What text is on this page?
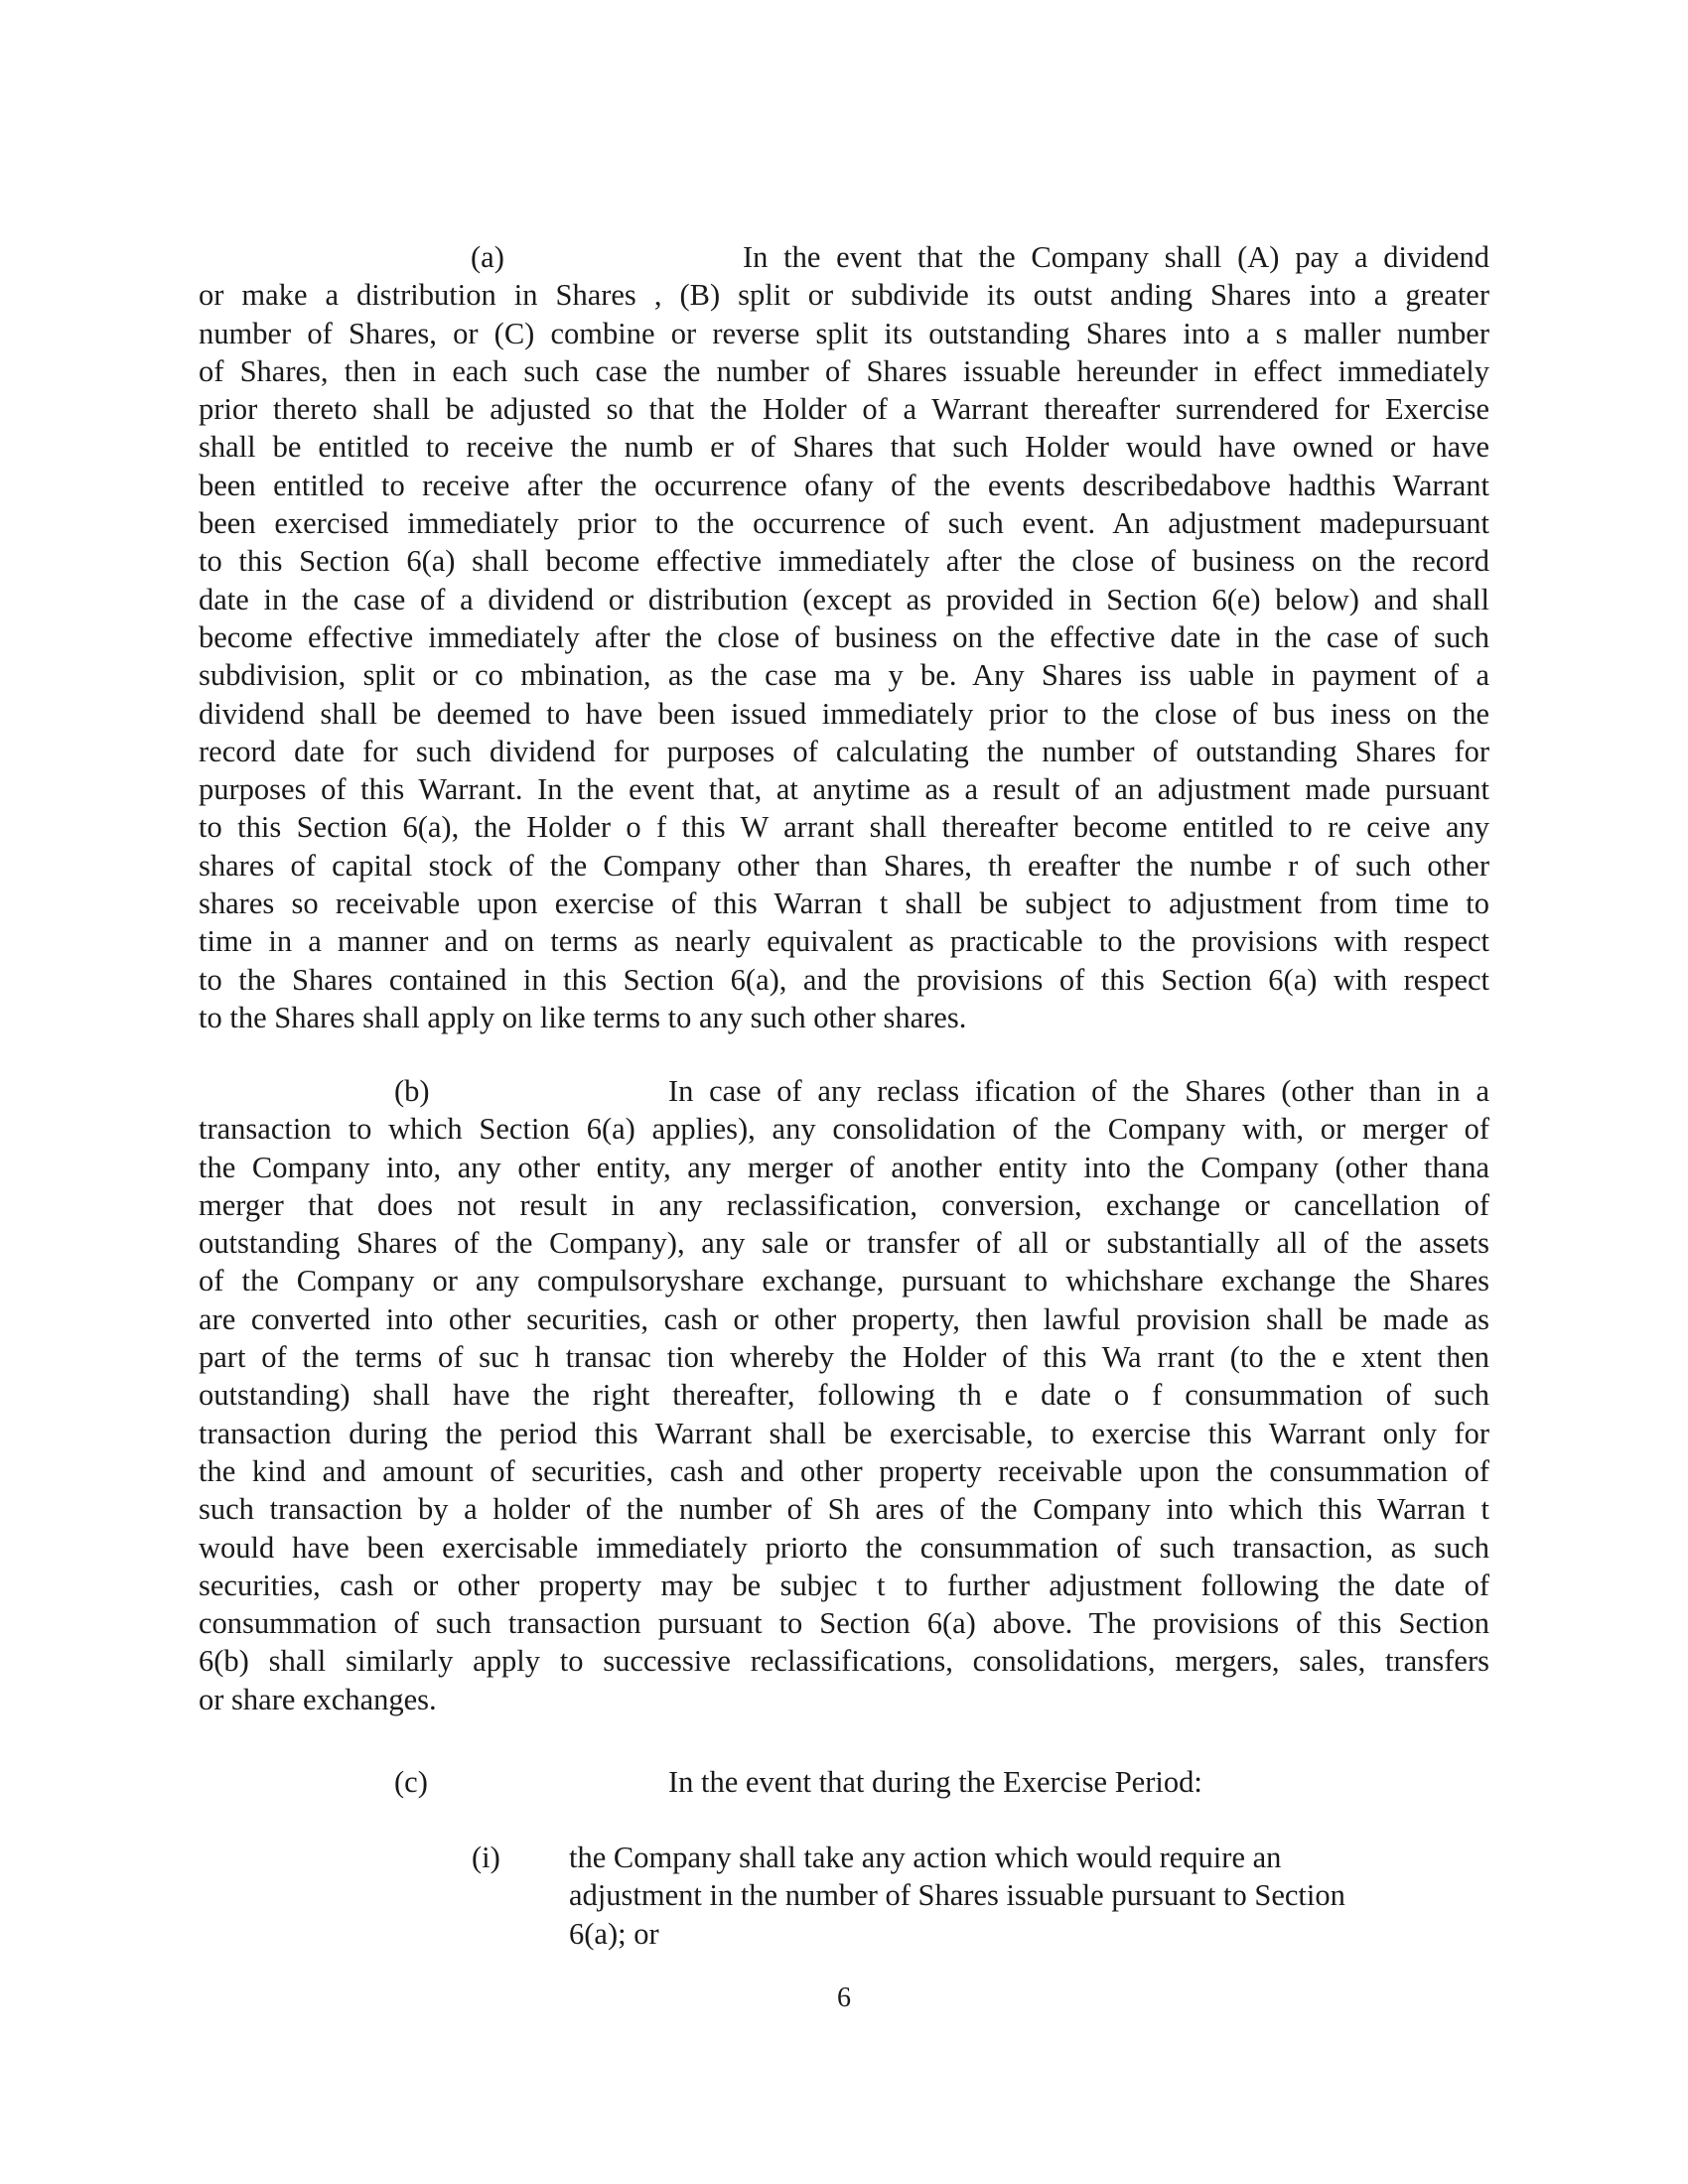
(a)	In the event that the Company shall (A) pay a dividend
or make a distribution in Shares , (B) split or subdivide its outst anding Shares into a greater
number of Shares, or (C) combine or reverse split its outstanding Shares into a s maller number
of Shares, then in each such case the number of Shares issuable hereunder in effect immediately
prior thereto shall be adjusted so that the Holder of a Warrant thereafter surrendered for Exercise
shall be entitled to receive the numb er of Shares that such Holder would have owned or have
been entitled to receive after the occurrence ofany of the events describedabove hadthis Warrant
been exercised immediately prior to the occurrence of such event. An adjustment madepursuant
to this Section 6(a) shall become effective immediately after the close of business on the record
date in the case of a dividend or distribution (except as provided in Section 6(e) below) and shall
become effective immediately after the close of business on the effective date in the case of such
subdivision, split or co mbination, as the case ma y be. Any Shares iss uable in payment of a
dividend shall be deemed to have been issued immediately prior to the close of bus iness on the
record date for such dividend for purposes of calculating the number of outstanding Shares for
purposes of this Warrant. In the event that, at anytime as a result of an adjustment made pursuant
to this Section 6(a), the Holder o f this W arrant shall thereafter become entitled to re ceive any
shares of capital stock of the Company other than Shares, th ereafter the numbe r of such other
shares so receivable upon exercise of this Warran t shall be subject to adjustment from time to
time in a manner and on terms as nearly equivalent as practicable to the provisions with respect
to the Shares contained in this Section 6(a), and the provisions of this Section 6(a) with respect
to the Shares shall apply on like terms to any such other shares.
(b)	In case of any reclass ification of the Shares (other than in a
transaction to which Section 6(a) applies), any consolidation of the Company with, or merger of
the Company into, any other entity, any merger of another entity into the Company (other thana
merger that does not result in any reclassification, conversion, exchange or cancellation of
outstanding Shares of the Company), any sale or transfer of all or substantially all of the assets
of the Company or any compulsoryshare exchange, pursuant to whichshare exchange the Shares
are converted into other securities, cash or other property, then lawful provision shall be made as
part of the terms of suc h transac tion whereby the Holder of this Wa rrant (to the e xtent then
outstanding) shall have the right thereafter, following th e date o f consummation of such
transaction during the period this Warrant shall be exercisable, to exercise this Warrant only for
the kind and amount of securities, cash and other property receivable upon the consummation of
such transaction by a holder of the number of Sh ares of the Company into which this Warran t
would have been exercisable immediately priorto the consummation of such transaction, as such
securities, cash or other property may be subjec t to further adjustment following the date of
consummation of such transaction pursuant to Section 6(a) above. The provisions of this Section
6(b) shall similarly apply to successive reclassifications, consolidations, mergers, sales, transfers
or share exchanges.
(c)	In the event that during the Exercise Period:
(i) the Company shall take any action which would require an
adjustment in the number of Shares issuable pursuant to Section
6(a); or
6
